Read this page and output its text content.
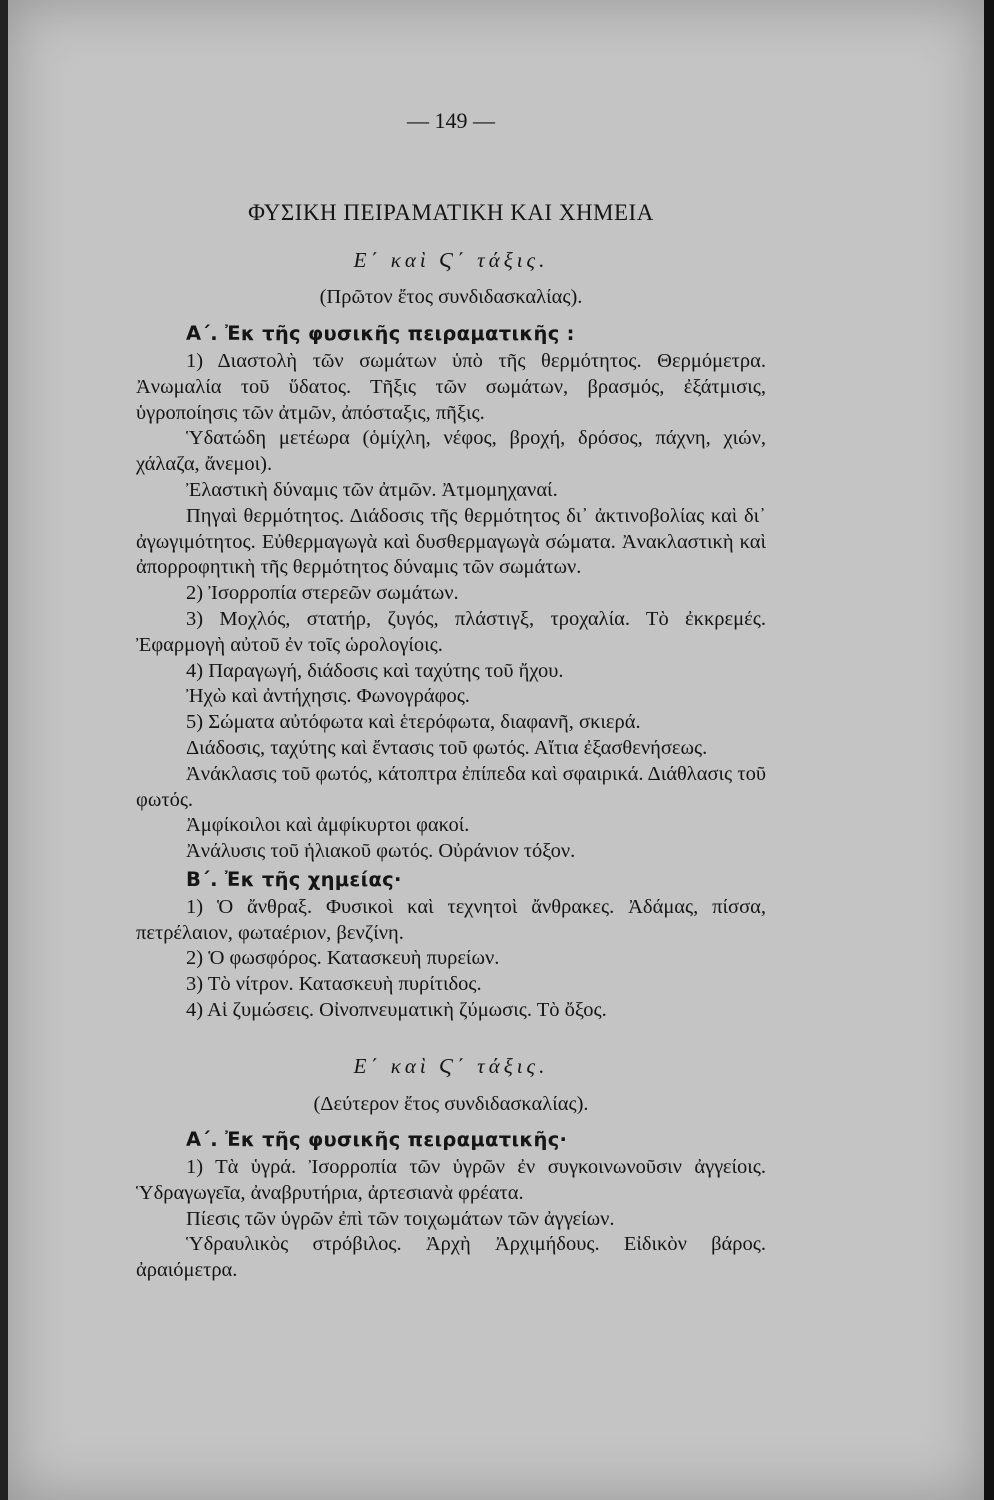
— 149 —
ΦΥΣΙΚΗ ΠΕΙΡΑΜΑΤΙΚΗ ΚΑΙ ΧΗΜΕΙΑ
Ε΄ καὶ Ϛ΄ τάξις.
(Πρῶτον ἔτος συνδιδασκαλίας).
Α΄. Ἐκ τῆς φυσικῆς πειραματικῆς :

1) Διαστολὴ τῶν σωμάτων ὑπὸ τῆς θερμότητος. Θερμόμετρα. Ἀνωμαλία τοῦ ὕδατος. Τῆξις τῶν σωμάτων, βρασμός, ἐξάτμισις, ὑγροποίησις τῶν ἀτμῶν, ἀπόσταξις, πῆξις.

Ὑδατώδη μετέωρα (ὁμίχλη, νέφος, βροχή, δρόσος, πάχνη, χιών, χάλαζα, ἄνεμοι).

Ἐλαστικὴ δύναμις τῶν ἀτμῶν. Ἀτμομηχαναί.

Πηγαὶ θερμότητος. Διάδοσις τῆς θερμότητος δι᾿ ἀκτινοβολίας καὶ δι᾿ ἀγωγιμότητος. Εὐθερμαγωγὰ καὶ δυσθερμαγωγὰ σώματα. Ἀνακλαστικὴ καὶ ἀπορροφητικὴ τῆς θερμότητος δύναμις τῶν σωμάτων.

2) Ἰσορροπία στερεῶν σωμάτων.

3) Μοχλός, στατήρ, ζυγός, πλάστιγξ, τροχαλία. Τὸ ἐκκρεμές. Ἐφαρμογὴ αὐτοῦ ἐν τοῖς ὡρολογίοις.

4) Παραγωγή, διάδοσις καὶ ταχύτης τοῦ ἤχου.

Ἠχὼ καὶ ἀντήχησις. Φωνογράφος.

5) Σώματα αὐτόφωτα καὶ ἑτερόφωτα, διαφανῆ, σκιερά.

Διάδοσις, ταχύτης καὶ ἔντασις τοῦ φωτός. Αἴτια ἐξασθενήσεως.

Ἀνάκλασις τοῦ φωτός, κάτοπτρα ἐπίπεδα καὶ σφαιρικά. Διάθλασις τοῦ φωτός.

Ἀμφίκοιλοι καὶ ἀμφίκυρτοι φακοί.

Ἀνάλυσις τοῦ ἡλιακοῦ φωτός. Οὐράνιον τόξον.

Β΄. Ἐκ τῆς χημείας·

1) Ὁ ἄνθραξ. Φυσικοὶ καὶ τεχνητοὶ ἄνθρακες. Ἀδάμας, πίσσα, πετρέλαιον, φωταέριον, βενζίνη.

2) Ὁ φωσφόρος. Κατασκευὴ πυρείων.

3) Τὸ νίτρον. Κατασκευὴ πυρίτιδος.

4) Αἱ ζυμώσεις. Οἰνοπνευματικὴ ζύμωσις. Τὸ ὄξος.

Ε΄ καὶ Ϛ΄ τάξις.
(Δεύτερον ἔτος συνδιδασκαλίας).
Α΄. Ἐκ τῆς φυσικῆς πειραματικῆς·

1) Τὰ ὑγρά. Ἰσορροπία τῶν ὑγρῶν ἐν συγκοινωνοῦσιν ἀγγείοις. Ὑδραγωγεῖα, ἀναβρυτήρια, ἀρτεσιανὰ φρέατα.

Πίεσις τῶν ὑγρῶν ἐπὶ τῶν τοιχωμάτων τῶν ἀγγείων.

Ὑδραυλικὸς στρόβιλος. Ἀρχὴ Ἀρχιμήδους. Εἰδικὸν βάρος. ἀραιόμετρα.
